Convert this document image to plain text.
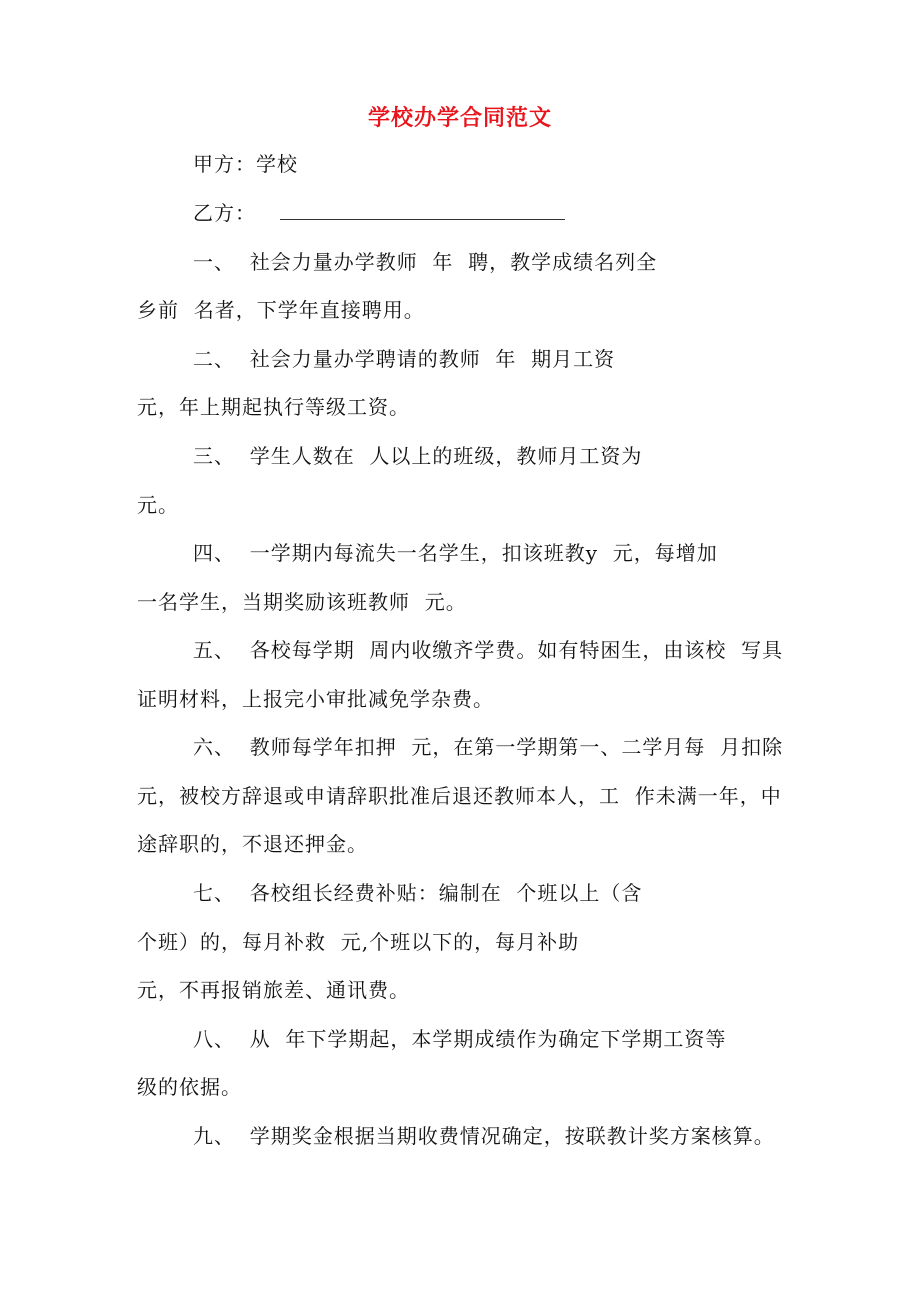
学校办学合同范文
甲方：学校
乙方：
一、  社会力量办学教师  年  聘，教学成绩名列全
乡前  名者，下学年直接聘用。
二、  社会力量办学聘请的教师  年  期月工资
元，年上期起执行等级工资。
三、  学生人数在  人以上的班级，教师月工资为
元。
四、  一学期内每流失一名学生，扣该班教y  元，每增加
一名学生，当期奖励该班教师  元。
五、  各校每学期  周内收缴齐学费。如有特困生，由该校  写具
证明材料，上报完小审批减免学杂费。
六、  教师每学年扣押  元，在第一学期第一、二学月每  月扣除
元，被校方辞退或申请辞职批准后退还教师本人，工  作未满一年，中
途辞职的，不退还押金。
七、  各校组长经费补贴：编制在  个班以上（含
个班）的，每月补救  元,个班以下的，每月补助
元，不再报销旅差、通讯费。
八、  从  年下学期起，本学期成绩作为确定下学期工资等
级的依据。
九、  学期奖金根据当期收费情况确定，按联教计奖方案核算。
